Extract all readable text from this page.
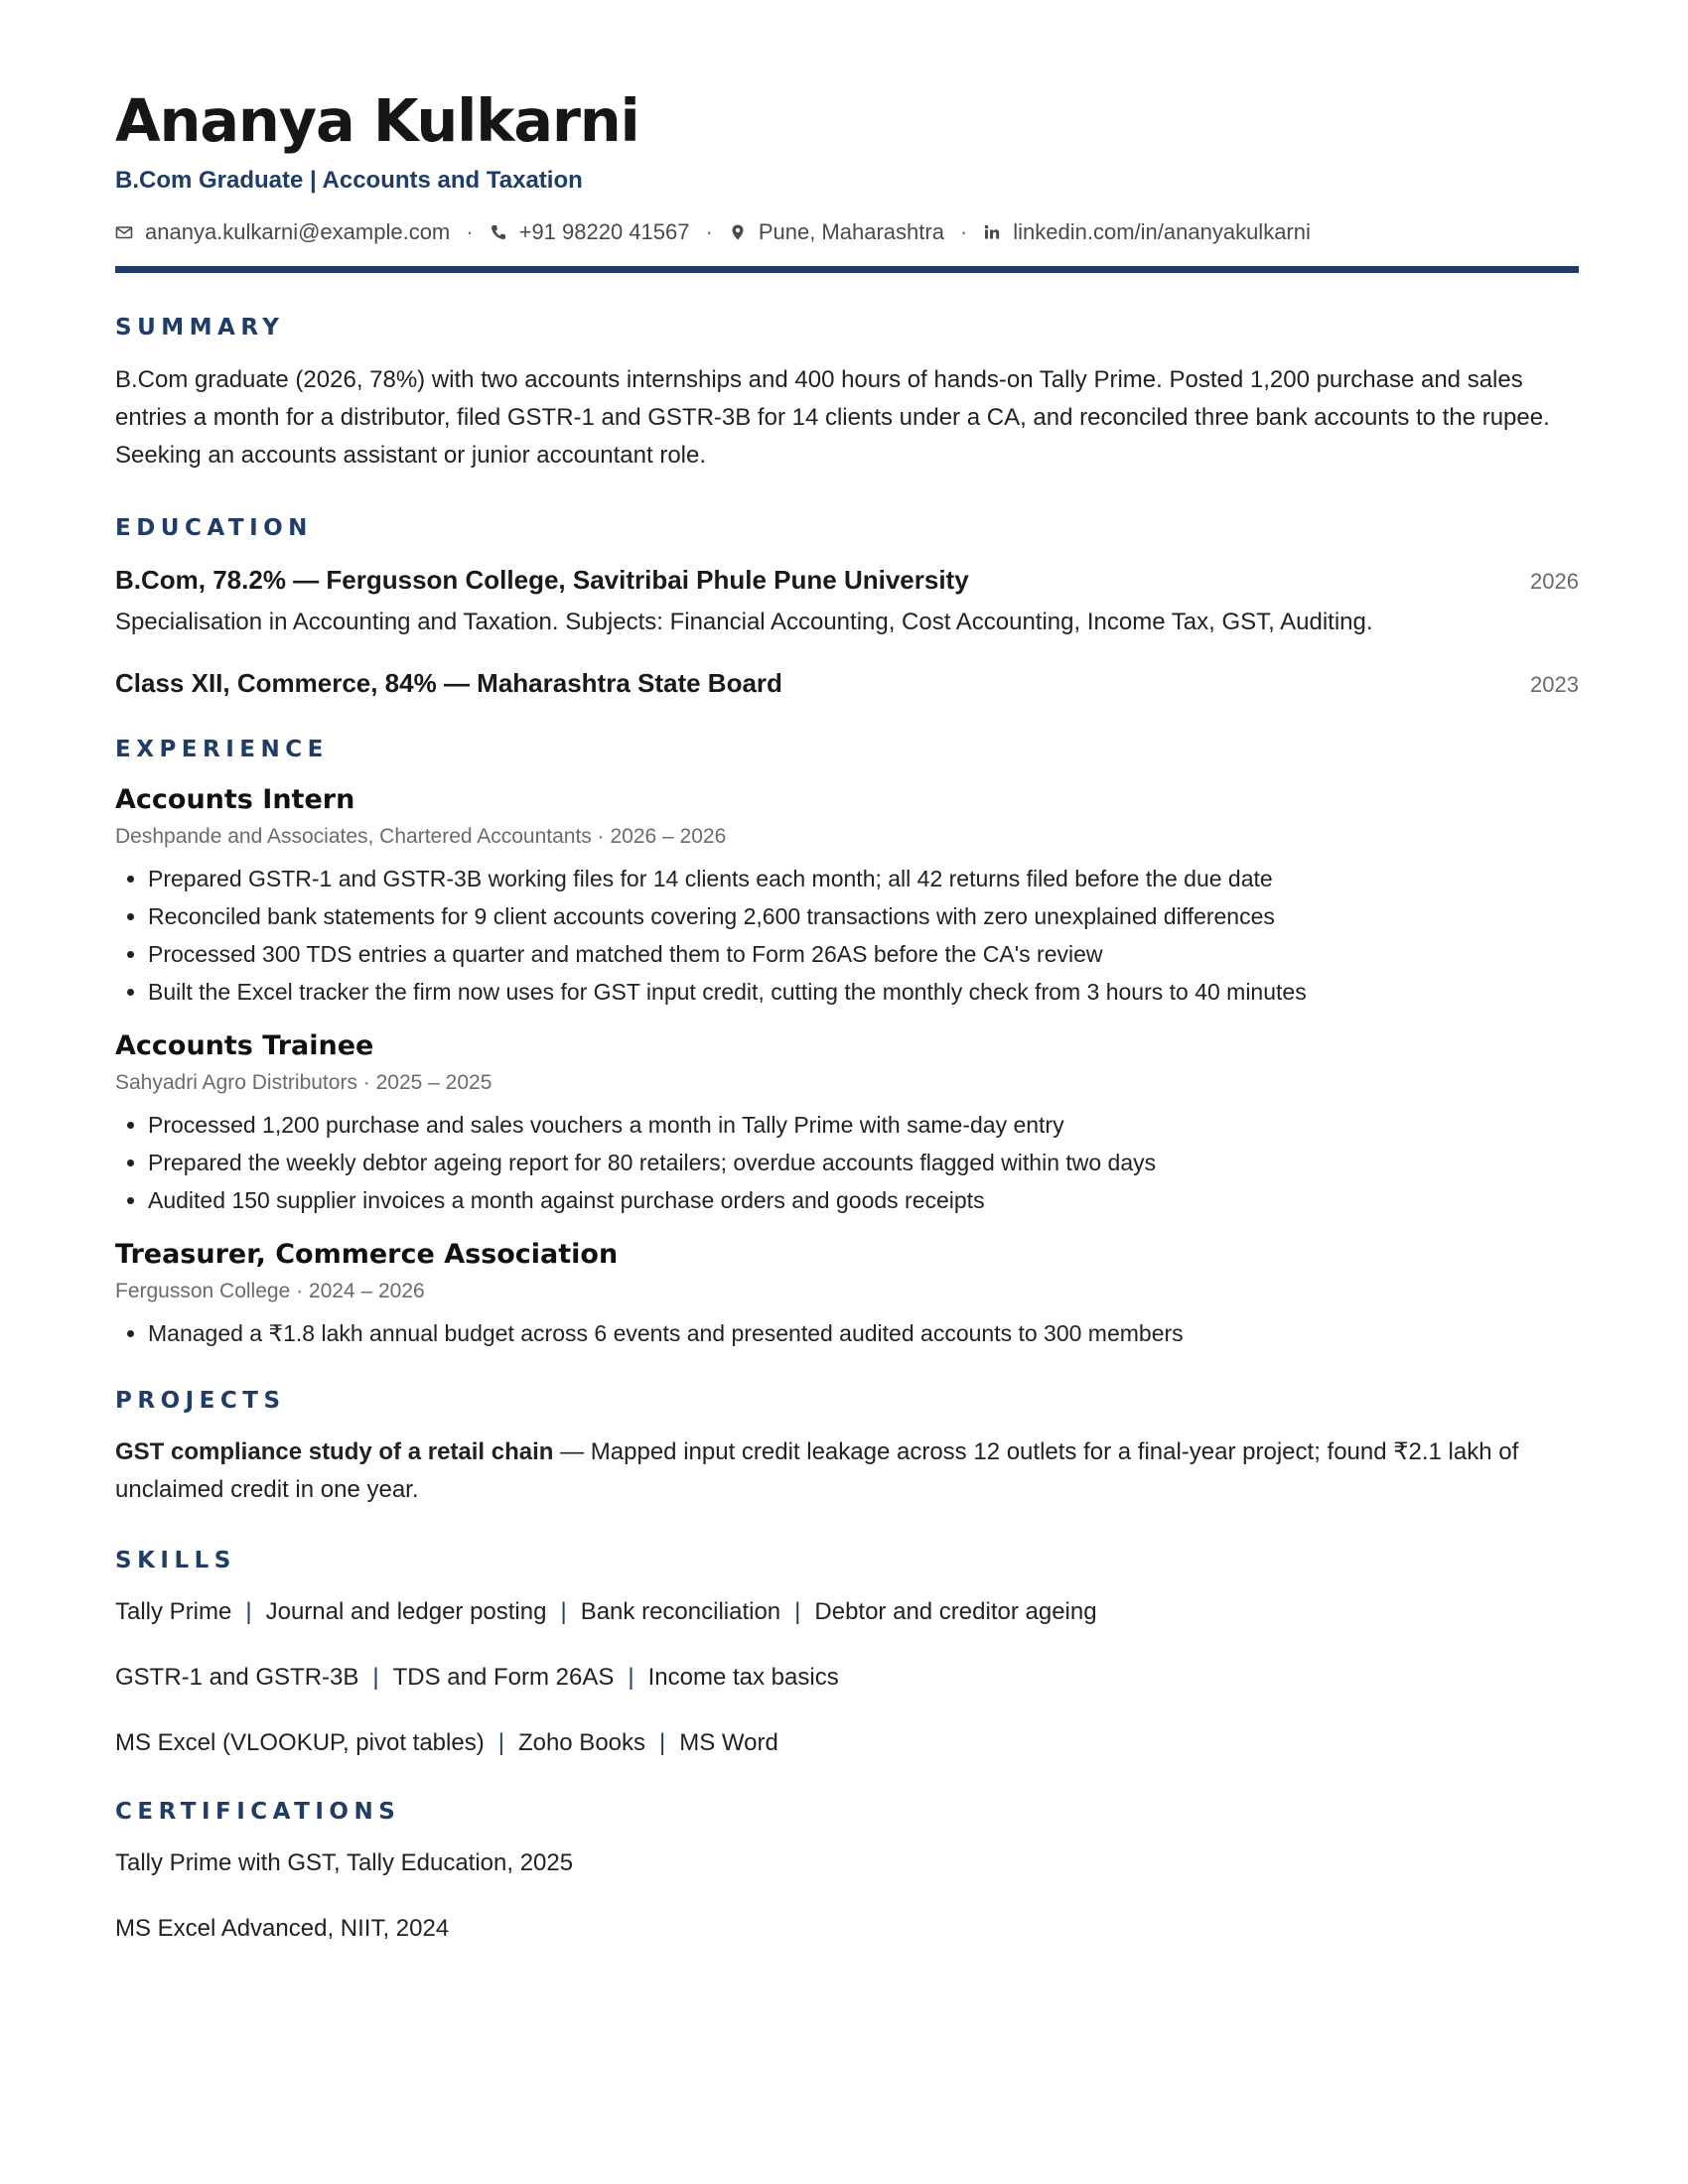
Ananya Kulkarni
B.Com Graduate | Accounts and Taxation
ananya.kulkarni@example.com · +91 98220 41567 · Pune, Maharashtra · linkedin.com/in/ananyakulkarni
SUMMARY
B.Com graduate (2026, 78%) with two accounts internships and 400 hours of hands-on Tally Prime. Posted 1,200 purchase and sales entries a month for a distributor, filed GSTR-1 and GSTR-3B for 14 clients under a CA, and reconciled three bank accounts to the rupee. Seeking an accounts assistant or junior accountant role.
EDUCATION
B.Com, 78.2% — Fergusson College, Savitribai Phule Pune University	2026
Specialisation in Accounting and Taxation. Subjects: Financial Accounting, Cost Accounting, Income Tax, GST, Auditing.
Class XII, Commerce, 84% — Maharashtra State Board	2023
EXPERIENCE
Accounts Intern
Deshpande and Associates, Chartered Accountants · 2026 – 2026
• Prepared GSTR-1 and GSTR-3B working files for 14 clients each month; all 42 returns filed before the due date
• Reconciled bank statements for 9 client accounts covering 2,600 transactions with zero unexplained differences
• Processed 300 TDS entries a quarter and matched them to Form 26AS before the CA's review
• Built the Excel tracker the firm now uses for GST input credit, cutting the monthly check from 3 hours to 40 minutes
Accounts Trainee
Sahyadri Agro Distributors · 2025 – 2025
• Processed 1,200 purchase and sales vouchers a month in Tally Prime with same-day entry
• Prepared the weekly debtor ageing report for 80 retailers; overdue accounts flagged within two days
• Audited 150 supplier invoices a month against purchase orders and goods receipts
Treasurer, Commerce Association
Fergusson College · 2024 – 2026
• Managed a ₹1.8 lakh annual budget across 6 events and presented audited accounts to 300 members
PROJECTS
GST compliance study of a retail chain — Mapped input credit leakage across 12 outlets for a final-year project; found ₹2.1 lakh of unclaimed credit in one year.
SKILLS
Tally Prime | Journal and ledger posting | Bank reconciliation | Debtor and creditor ageing
GSTR-1 and GSTR-3B | TDS and Form 26AS | Income tax basics
MS Excel (VLOOKUP, pivot tables) | Zoho Books | MS Word
CERTIFICATIONS
Tally Prime with GST, Tally Education, 2025
MS Excel Advanced, NIIT, 2024
